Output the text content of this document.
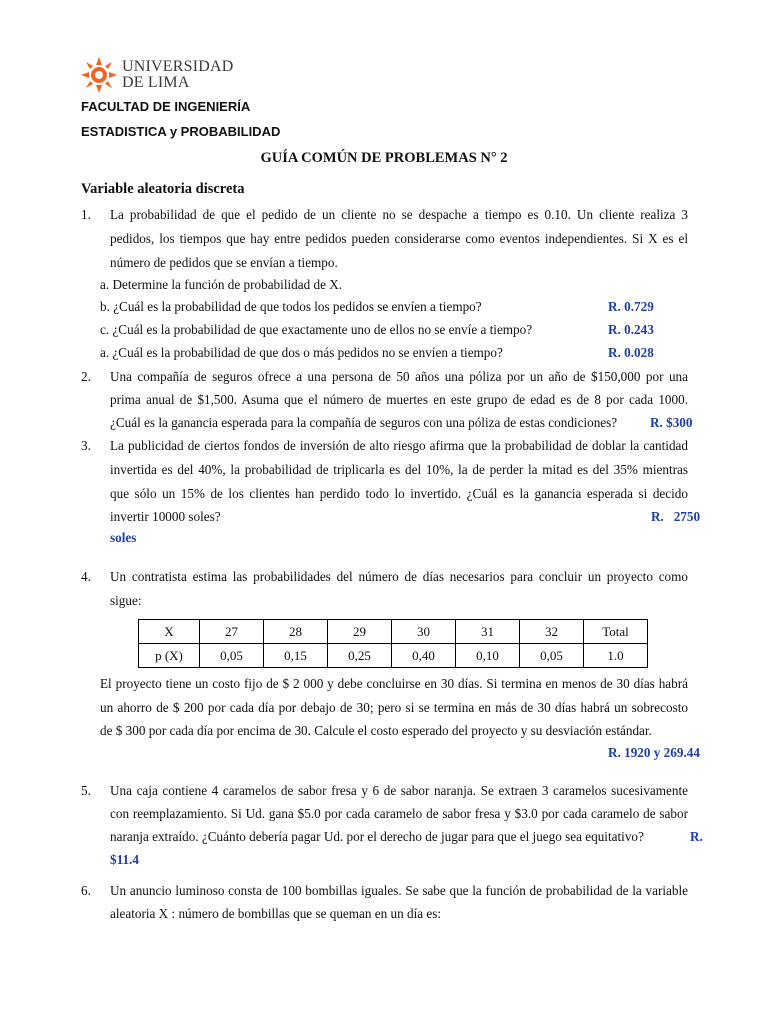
UNIVERSIDAD
DE LIMA
FACULTAD DE INGENIERÍA
ESTADISTICA y PROBABILIDAD
GUÍA COMÚN DE PROBLEMAS N° 2
Variable aleatoria discreta
1. La probabilidad de que el pedido de un cliente no se despache a tiempo es 0.10. Un cliente realiza 3
pedidos, los tiempos que hay entre pedidos pueden considerarse como eventos independientes. Si X es el
número de pedidos que se envían a tiempo.
a. Determine la función de probabilidad de X.
b. ¿Cuál es la probabilidad de que todos los pedidos se envíen a tiempo?	R. 0.729
c. ¿Cuál es la probabilidad de que exactamente uno de ellos no se envíe a tiempo?	R. 0.243
a. ¿Cuál es la probabilidad de que dos o más pedidos no se envíen a tiempo?	R. 0.028
2. Una compañía de seguros ofrece a una persona de 50 años una póliza por un año de $150,000 por una
prima anual de $1,500. Asuma que el número de muertes en este grupo de edad es de 8 por cada 1000.
¿Cuál es la ganancia esperada para la compañía de seguros con una póliza de estas condiciones? R. $300
3. La publicidad de ciertos fondos de inversión de alto riesgo afirma que la probabilidad de doblar la cantidad
invertida es del 40%, la probabilidad de triplicarla es del 10%, la de perder la mitad es del 35% mientras
que sólo un 15% de los clientes han perdido todo lo invertido. ¿Cuál es la ganancia esperada si decido
invertir 10000 soles?	R.   2750
soles
4. Un contratista estima las probabilidades del número de días necesarios para concluir un proyecto como
sigue:
X	27	28	29	30	31	32	Total
p (X)	0,05	0,15	0,25	0,40	0,10	0,05	1.0
El proyecto tiene un costo fijo de $ 2 000 y debe concluirse en 30 días. Si termina en menos de 30 días habrá
un ahorro de $ 200 por cada día por debajo de 30; pero si se termina en más de 30 días habrá un sobrecosto
de $ 300 por cada día por encima de 30. Calcule el costo esperado del proyecto y su desviación estándar.
R. 1920 y 269.44
5. Una caja contiene 4 caramelos de sabor fresa y 6 de sabor naranja. Se extraen 3 caramelos sucesivamente
con reemplazamiento. Si Ud. gana $5.0 por cada caramelo de sabor fresa y $3.0 por cada caramelo de sabor
naranja extraído. ¿Cuánto debería pagar Ud. por el derecho de jugar para que el juego sea equitativo?	R.
$11.4
6. Un anuncio luminoso consta de 100 bombillas iguales. Se sabe que la función de probabilidad de la variable
aleatoria X : número de bombillas que se queman en un día es:
